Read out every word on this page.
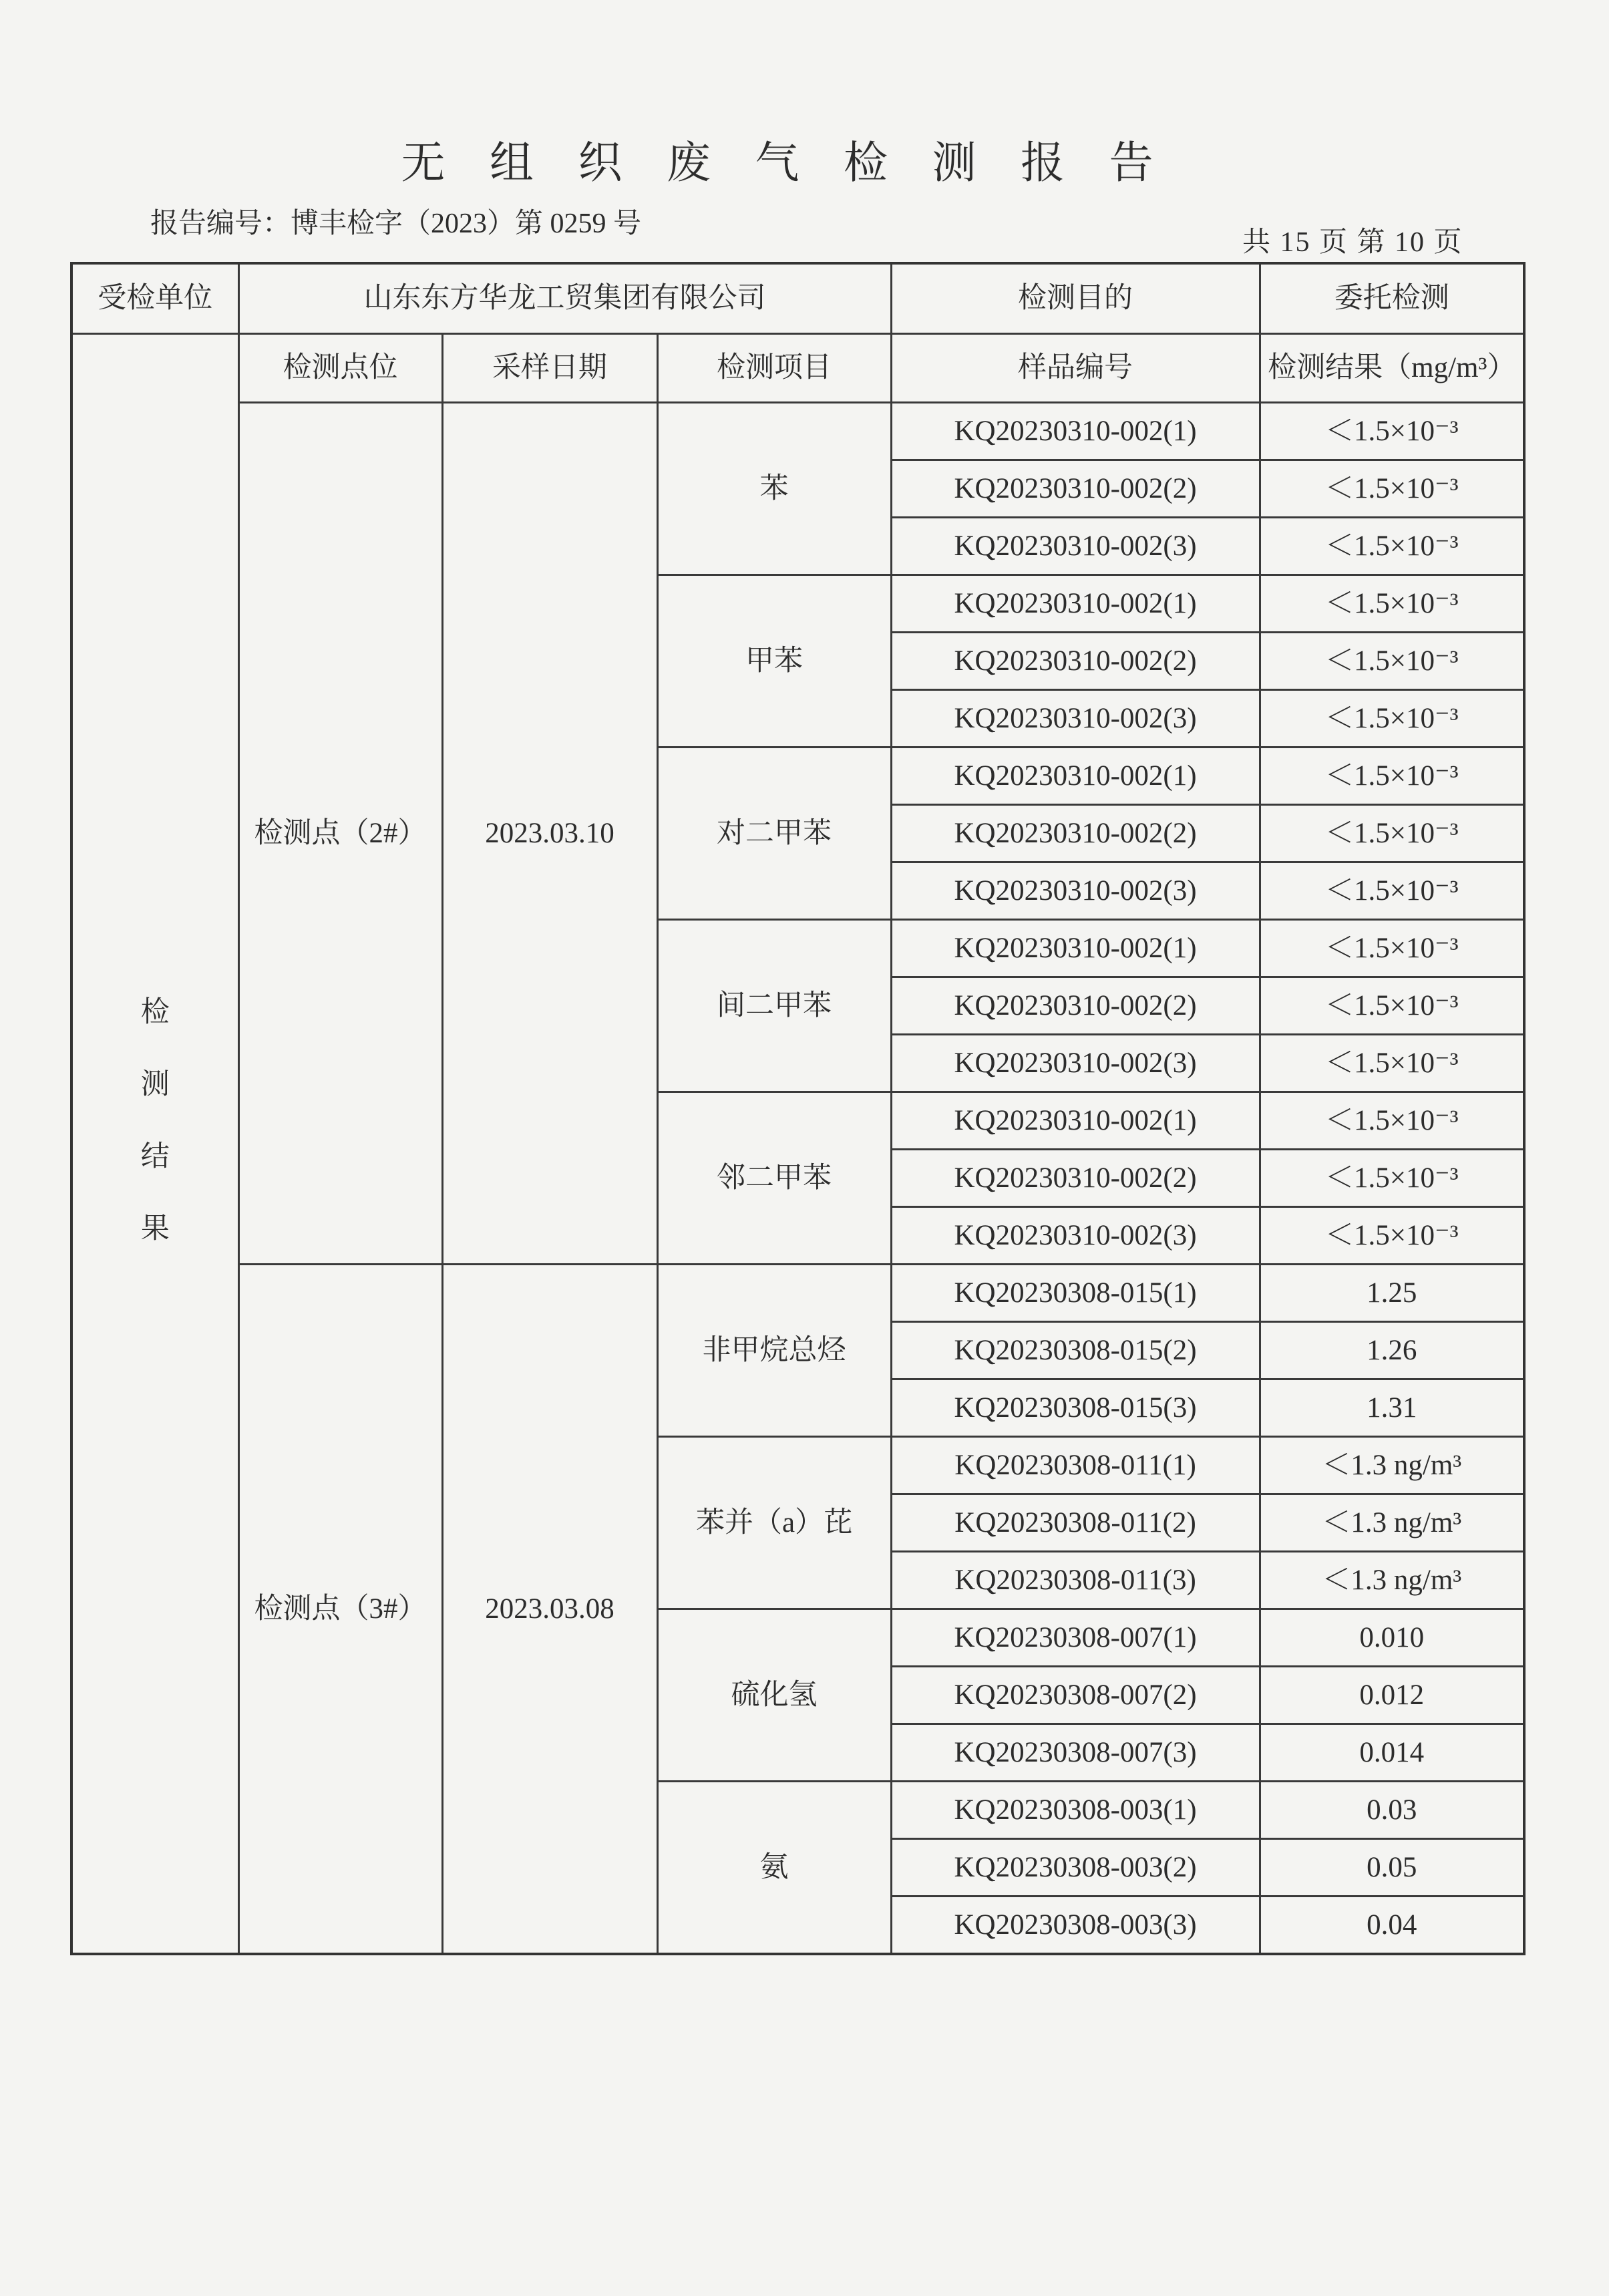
无 组 织 废 气 检 测 报 告
报告编号：博丰检字（2023）第 0259 号
共 15 页 第 10 页
受检单位	山东东方华龙工贸集团有限公司			检测目的	委托检测

检测结果	检测点位	采样日期	检测项目	样品编号	检测结果（mg/m³）
	检测点（2#）	2023.03.10	苯	KQ20230310-002(1)	＜1.5×10⁻³
				KQ20230310-002(2)	＜1.5×10⁻³
				KQ20230310-002(3)	＜1.5×10⁻³
			甲苯	KQ20230310-002(1)	＜1.5×10⁻³
				KQ20230310-002(2)	＜1.5×10⁻³
				KQ20230310-002(3)	＜1.5×10⁻³
			对二甲苯	KQ20230310-002(1)	＜1.5×10⁻³
				KQ20230310-002(2)	＜1.5×10⁻³
				KQ20230310-002(3)	＜1.5×10⁻³
			间二甲苯	KQ20230310-002(1)	＜1.5×10⁻³
				KQ20230310-002(2)	＜1.5×10⁻³
				KQ20230310-002(3)	＜1.5×10⁻³
			邻二甲苯	KQ20230310-002(1)	＜1.5×10⁻³
				KQ20230310-002(2)	＜1.5×10⁻³
				KQ20230310-002(3)	＜1.5×10⁻³
	检测点（3#）	2023.03.08	非甲烷总烃	KQ20230308-015(1)	1.25
				KQ20230308-015(2)	1.26
				KQ20230308-015(3)	1.31
			苯并（a）芘	KQ20230308-011(1)	＜1.3 ng/m³
				KQ20230308-011(2)	＜1.3 ng/m³
				KQ20230308-011(3)	＜1.3 ng/m³
			硫化氢	KQ20230308-007(1)	0.010
				KQ20230308-007(2)	0.012
				KQ20230308-007(3)	0.014
			氨	KQ20230308-003(1)	0.03
				KQ20230308-003(2)	0.05
				KQ20230308-003(3)	0.04
